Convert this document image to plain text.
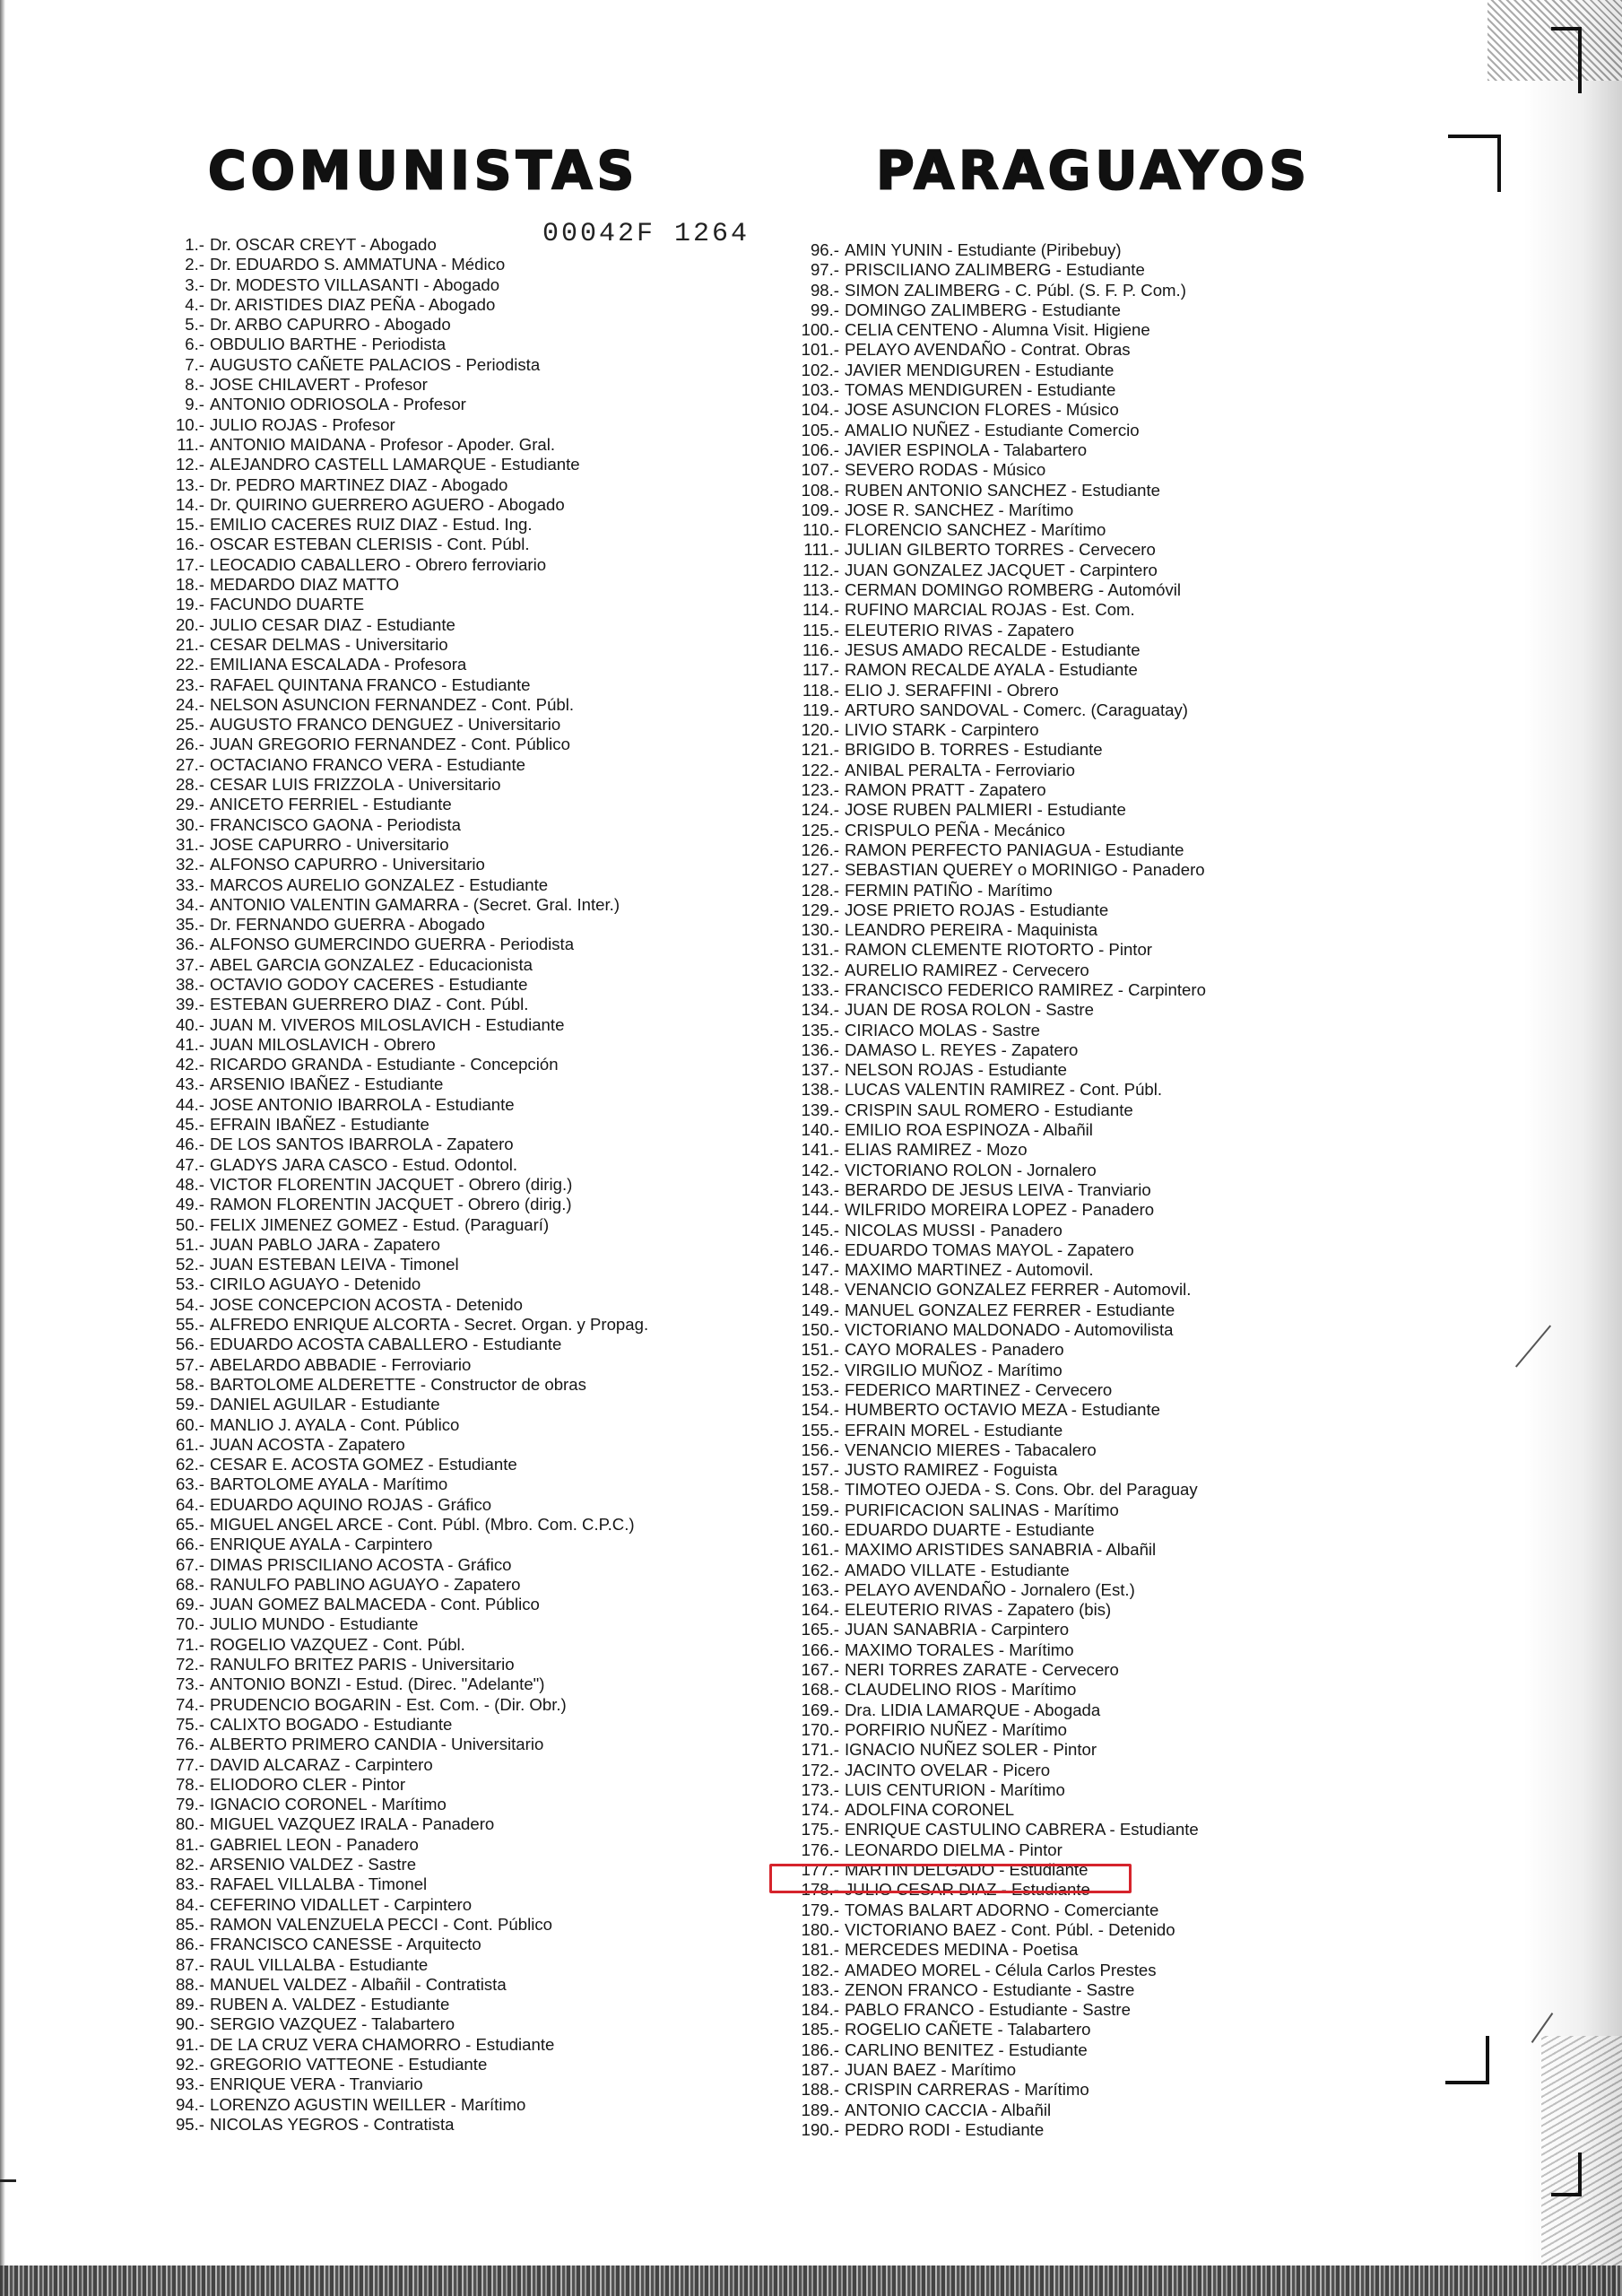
COMUNISTAS	PARAGUAYOS
00042F 1264
1.- Dr. OSCAR CREYT - Abogado
2.- Dr. EDUARDO S. AMMATUNA - Médico
3.- Dr. MODESTO VILLASANTI - Abogado
4.- Dr. ARISTIDES DIAZ PEÑA - Abogado
5.- Dr. ARBO CAPURRO - Abogado
6.- OBDULIO BARTHE - Periodista
7.- AUGUSTO CAÑETE PALACIOS - Periodista
8.- JOSE CHILAVERT - Profesor
9.- ANTONIO ODRIOSOLA - Profesor
10.- JULIO ROJAS - Profesor
11.- ANTONIO MAIDANA - Profesor - Apoder. Gral.
12.- ALEJANDRO CASTELL LAMARQUE - Estudiante
13.- Dr. PEDRO MARTINEZ DIAZ - Abogado
14.- Dr. QUIRINO GUERRERO AGUERO - Abogado
15.- EMILIO CACERES RUIZ DIAZ - Estud. Ing.
16.- OSCAR ESTEBAN CLERISIS - Cont. Públ.
17.- LEOCADIO CABALLERO - Obrero ferroviario
18.- MEDARDO DIAZ MATTO
19.- FACUNDO DUARTE
20.- JULIO CESAR DIAZ - Estudiante
21.- CESAR DELMAS - Universitario
22.- EMILIANA ESCALADA - Profesora
23.- RAFAEL QUINTANA FRANCO - Estudiante
24.- NELSON ASUNCION FERNANDEZ - Cont. Públ.
25.- AUGUSTO FRANCO DENGUEZ - Universitario
26.- JUAN GREGORIO FERNANDEZ - Cont. Público
27.- OCTACIANO FRANCO VERA - Estudiante
28.- CESAR LUIS FRIZZOLA - Universitario
29.- ANICETO FERRIEL - Estudiante
30.- FRANCISCO GAONA - Periodista
31.- JOSE CAPURRO - Universitario
32.- ALFONSO CAPURRO - Universitario
33.- MARCOS AURELIO GONZALEZ - Estudiante
34.- ANTONIO VALENTIN GAMARRA - (Secret. Gral. Inter.)
35.- Dr. FERNANDO GUERRA - Abogado
36.- ALFONSO GUMERCINDO GUERRA - Periodista
37.- ABEL GARCIA GONZALEZ - Educacionista
38.- OCTAVIO GODOY CACERES - Estudiante
39.- ESTEBAN GUERRERO DIAZ - Cont. Públ.
40.- JUAN M. VIVEROS MILOSLAVICH - Estudiante
41.- JUAN MILOSLAVICH - Obrero
42.- RICARDO GRANDA - Estudiante - Concepción
43.- ARSENIO IBAÑEZ - Estudiante
44.- JOSE ANTONIO IBARROLA - Estudiante
45.- EFRAIN IBAÑEZ - Estudiante
46.- DE LOS SANTOS IBARROLA - Zapatero
47.- GLADYS JARA CASCO - Estud. Odontol.
48.- VICTOR FLORENTIN JACQUET - Obrero (dirig.)
49.- RAMON FLORENTIN JACQUET - Obrero (dirig.)
50.- FELIX JIMENEZ GOMEZ - Estud. (Paraguarí)
51.- JUAN PABLO JARA - Zapatero
52.- JUAN ESTEBAN LEIVA - Timonel
53.- CIRILO AGUAYO - Detenido
54.- JOSE CONCEPCION ACOSTA - Detenido
55.- ALFREDO ENRIQUE ALCORTA - Secret. Organ. y Propag.
56.- EDUARDO ACOSTA CABALLERO - Estudiante
57.- ABELARDO ABBADIE - Ferroviario
58.- BARTOLOME ALDERETTE - Constructor de obras
59.- DANIEL AGUILAR - Estudiante
60.- MANLIO J. AYALA - Cont. Público
61.- JUAN ACOSTA - Zapatero
62.- CESAR E. ACOSTA GOMEZ - Estudiante
63.- BARTOLOME AYALA - Marítimo
64.- EDUARDO AQUINO ROJAS - Gráfico
65.- MIGUEL ANGEL ARCE - Cont. Públ. (Mbro. Com. C.P.C.)
66.- ENRIQUE AYALA - Carpintero
67.- DIMAS PRISCILIANO ACOSTA - Gráfico
68.- RANULFO PABLINO AGUAYO - Zapatero
69.- JUAN GOMEZ BALMACEDA - Cont. Público
70.- JULIO MUNDO - Estudiante
71.- ROGELIO VAZQUEZ - Cont. Públ.
72.- RANULFO BRITEZ PARIS - Universitario
73.- ANTONIO BONZI - Estud. (Direc. "Adelante")
74.- PRUDENCIO BOGARIN - Est. Com. - (Dir. Obr.)
75.- CALIXTO BOGADO - Estudiante
76.- ALBERTO PRIMERO CANDIA - Universitario
77.- DAVID ALCARAZ - Carpintero
78.- ELIODORO CLER - Pintor
79.- IGNACIO CORONEL - Marítimo
80.- MIGUEL VAZQUEZ IRALA - Panadero
81.- GABRIEL LEON - Panadero
82.- ARSENIO VALDEZ - Sastre
83.- RAFAEL VILLALBA - Timonel
84.- CEFERINO VIDALLET - Carpintero
85.- RAMON VALENZUELA PECCI - Cont. Público
86.- FRANCISCO CANESSE - Arquitecto
87.- RAUL VILLALBA - Estudiante
88.- MANUEL VALDEZ - Albañil - Contratista
89.- RUBEN A. VALDEZ - Estudiante
90.- SERGIO VAZQUEZ - Talabartero
91.- DE LA CRUZ VERA CHAMORRO - Estudiante
92.- GREGORIO VATTEONE - Estudiante
93.- ENRIQUE VERA - Tranviario
94.- LORENZO AGUSTIN WEILLER - Marítimo
95.- NICOLAS YEGROS - Contratista
96.- AMIN YUNIN - Estudiante (Piribebuy)
97.- PRISCILIANO ZALIMBERG - Estudiante
98.- SIMON ZALIMBERG - C. Públ. (S. F. P. Com.)
99.- DOMINGO ZALIMBERG - Estudiante
100.- CELIA CENTENO - Alumna Visit. Higiene
101.- PELAYO AVENDAÑO - Contrat. Obras
102.- JAVIER MENDIGUREN - Estudiante
103.- TOMAS MENDIGUREN - Estudiante
104.- JOSE ASUNCION FLORES - Músico
105.- AMALIO NUÑEZ - Estudiante Comercio
106.- JAVIER ESPINOLA - Talabartero
107.- SEVERO RODAS - Músico
108.- RUBEN ANTONIO SANCHEZ - Estudiante
109.- JOSE R. SANCHEZ - Marítimo
110.- FLORENCIO SANCHEZ - Marítimo
111.- JULIAN GILBERTO TORRES - Cervecero
112.- JUAN GONZALEZ JACQUET - Carpintero
113.- CERMAN DOMINGO ROMBERG - Automóvil
114.- RUFINO MARCIAL ROJAS - Est. Com.
115.- ELEUTERIO RIVAS - Zapatero
116.- JESUS AMADO RECALDE - Estudiante
117.- RAMON RECALDE AYALA - Estudiante
118.- ELIO J. SERAFFINI - Obrero
119.- ARTURO SANDOVAL - Comerc. (Caraguatay)
120.- LIVIO STARK - Carpintero
121.- BRIGIDO B. TORRES - Estudiante
122.- ANIBAL PERALTA - Ferroviario
123.- RAMON PRATT - Zapatero
124.- JOSE RUBEN PALMIERI - Estudiante
125.- CRISPULO PEÑA - Mecánico
126.- RAMON PERFECTO PANIAGUA - Estudiante
127.- SEBASTIAN QUEREY o MORINIGO - Panadero
128.- FERMIN PATIÑO - Marítimo
129.- JOSE PRIETO ROJAS - Estudiante
130.- LEANDRO PEREIRA - Maquinista
131.- RAMON CLEMENTE RIOTORTO - Pintor
132.- AURELIO RAMIREZ - Cervecero
133.- FRANCISCO FEDERICO RAMIREZ - Carpintero
134.- JUAN DE ROSA ROLON - Sastre
135.- CIRIACO MOLAS - Sastre
136.- DAMASO L. REYES - Zapatero
137.- NELSON ROJAS - Estudiante
138.- LUCAS VALENTIN RAMIREZ - Cont. Públ.
139.- CRISPIN SAUL ROMERO - Estudiante
140.- EMILIO ROA ESPINOZA - Albañil
141.- ELIAS RAMIREZ - Mozo
142.- VICTORIANO ROLON - Jornalero
143.- BERARDO DE JESUS LEIVA - Tranviario
144.- WILFRIDO MOREIRA LOPEZ - Panadero
145.- NICOLAS MUSSI - Panadero
146.- EDUARDO TOMAS MAYOL - Zapatero
147.- MAXIMO MARTINEZ - Automovil.
148.- VENANCIO GONZALEZ FERRER - Automovil.
149.- MANUEL GONZALEZ FERRER - Estudiante
150.- VICTORIANO MALDONADO - Automovilista
151.- CAYO MORALES - Panadero
152.- VIRGILIO MUÑOZ - Marítimo
153.- FEDERICO MARTINEZ - Cervecero
154.- HUMBERTO OCTAVIO MEZA - Estudiante
155.- EFRAIN MOREL - Estudiante
156.- VENANCIO MIERES - Tabacalero
157.- JUSTO RAMIREZ - Foguista
158.- TIMOTEO OJEDA - S. Cons. Obr. del Paraguay
159.- PURIFICACION SALINAS - Marítimo
160.- EDUARDO DUARTE - Estudiante
161.- MAXIMO ARISTIDES SANABRIA - Albañil
162.- AMADO VILLATE - Estudiante
163.- PELAYO AVENDAÑO - Jornalero (Est.)
164.- ELEUTERIO RIVAS - Zapatero (bis)
165.- JUAN SANABRIA - Carpintero
166.- MAXIMO TORALES - Marítimo
167.- NERI TORRES ZARATE - Cervecero
168.- CLAUDELINO RIOS - Marítimo
169.- Dra. LIDIA LAMARQUE - Abogada
170.- PORFIRIO NUÑEZ - Marítimo
171.- IGNACIO NUÑEZ SOLER - Pintor
172.- JACINTO OVELAR - Picero
173.- LUIS CENTURION - Marítimo
174.- ADOLFINA CORONEL
175.- ENRIQUE CASTULINO CABRERA - Estudiante
176.- LEONARDO DIELMA - Pintor
177.- MARTIN DELGADO - Estudiante
178.- JULIO CESAR DIAZ - Estudiante
179.- TOMAS BALART ADORNO - Comerciante
180.- VICTORIANO BAEZ - Cont. Públ. - Detenido
181.- MERCEDES MEDINA - Poetisa
182.- AMADEO MOREL - Célula Carlos Prestes
183.- ZENON FRANCO - Estudiante - Sastre
184.- PABLO FRANCO - Estudiante - Sastre
185.- ROGELIO CAÑETE - Talabartero
186.- CARLINO BENITEZ - Estudiante
187.- JUAN BAEZ - Marítimo
188.- CRISPIN CARRERAS - Marítimo
189.- ANTONIO CACCIA - Albañil
190.- PEDRO RODI - Estudiante
